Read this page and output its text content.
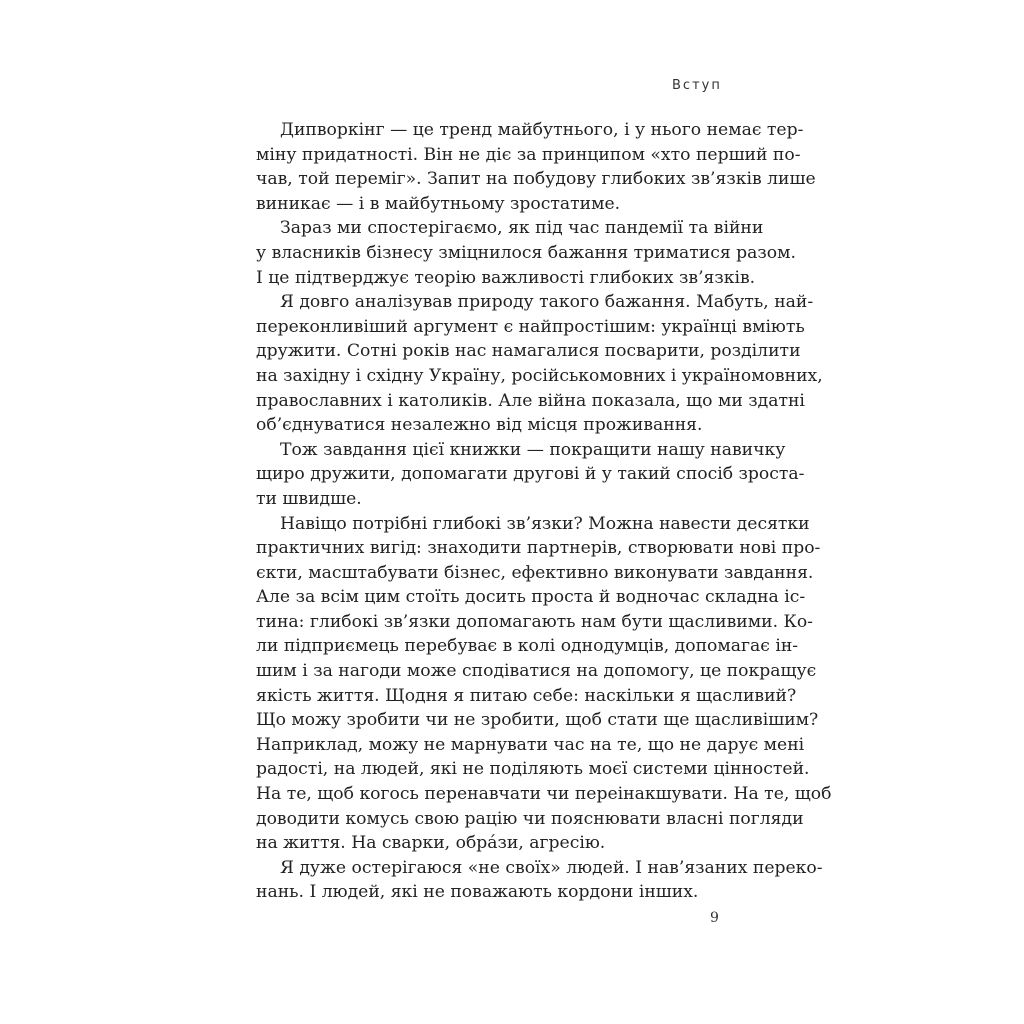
Вступ
Дипворкінг — це тренд майбутнього, і у нього немає тер-
міну придатності. Він не діє за принципом «хто перший по-
чав, той переміг». Запит на побудову глибоких зв’язків лише
виникає — і в майбутньому зростатиме.
Зараз ми спостерігаємо, як під час пандемії та війни
у власників бізнесу зміцнилося бажання триматися разом.
І це підтверджує теорію важливості глибоких зв’язків.
Я довго аналізував природу такого бажання. Мабуть, най-
переконливіший аргумент є найпростішим: українці вміють
дружити. Сотні років нас намагалися посварити, розділити
на західну і східну Україну, російськомовних і україномовних,
православних і католиків. Але війна показала, що ми здатні
об’єднуватися незалежно від місця проживання.
Тож завдання цієї книжки — покращити нашу навичку
щиро дружити, допомагати другові й у такий спосіб зроста-
ти швидше.
Навіщо потрібні глибокі зв’язки? Можна навести десятки
практичних вигід: знаходити партнерів, створювати нові про-
єкти, масштабувати бізнес, ефективно виконувати завдання.
Але за всім цим стоїть досить проста й водночас складна іс-
тина: глибокі зв’язки допомагають нам бути щасливими. Ко-
ли підприємець перебуває в колі однодумців, допомагає ін-
шим і за нагоди може сподіватися на допомогу, це покращує
якість життя. Щодня я питаю себе: наскільки я щасливий?
Що можу зробити чи не зробити, щоб стати ще щасливішим?
Наприклад, можу не марнувати час на те, що не дарує мені
радості, на людей, які не поділяють моєї системи цінностей.
На те, щоб когось перенавчати чи переінакшувати. На те, щоб
доводити комусь свою рацію чи пояснювати власні погляди
на життя. На сварки, обрáзи, агресію.
Я дуже остерігаюся «не своїх» людей. І нав’язаних переко-
нань. І людей, які не поважають кордони інших.
9
